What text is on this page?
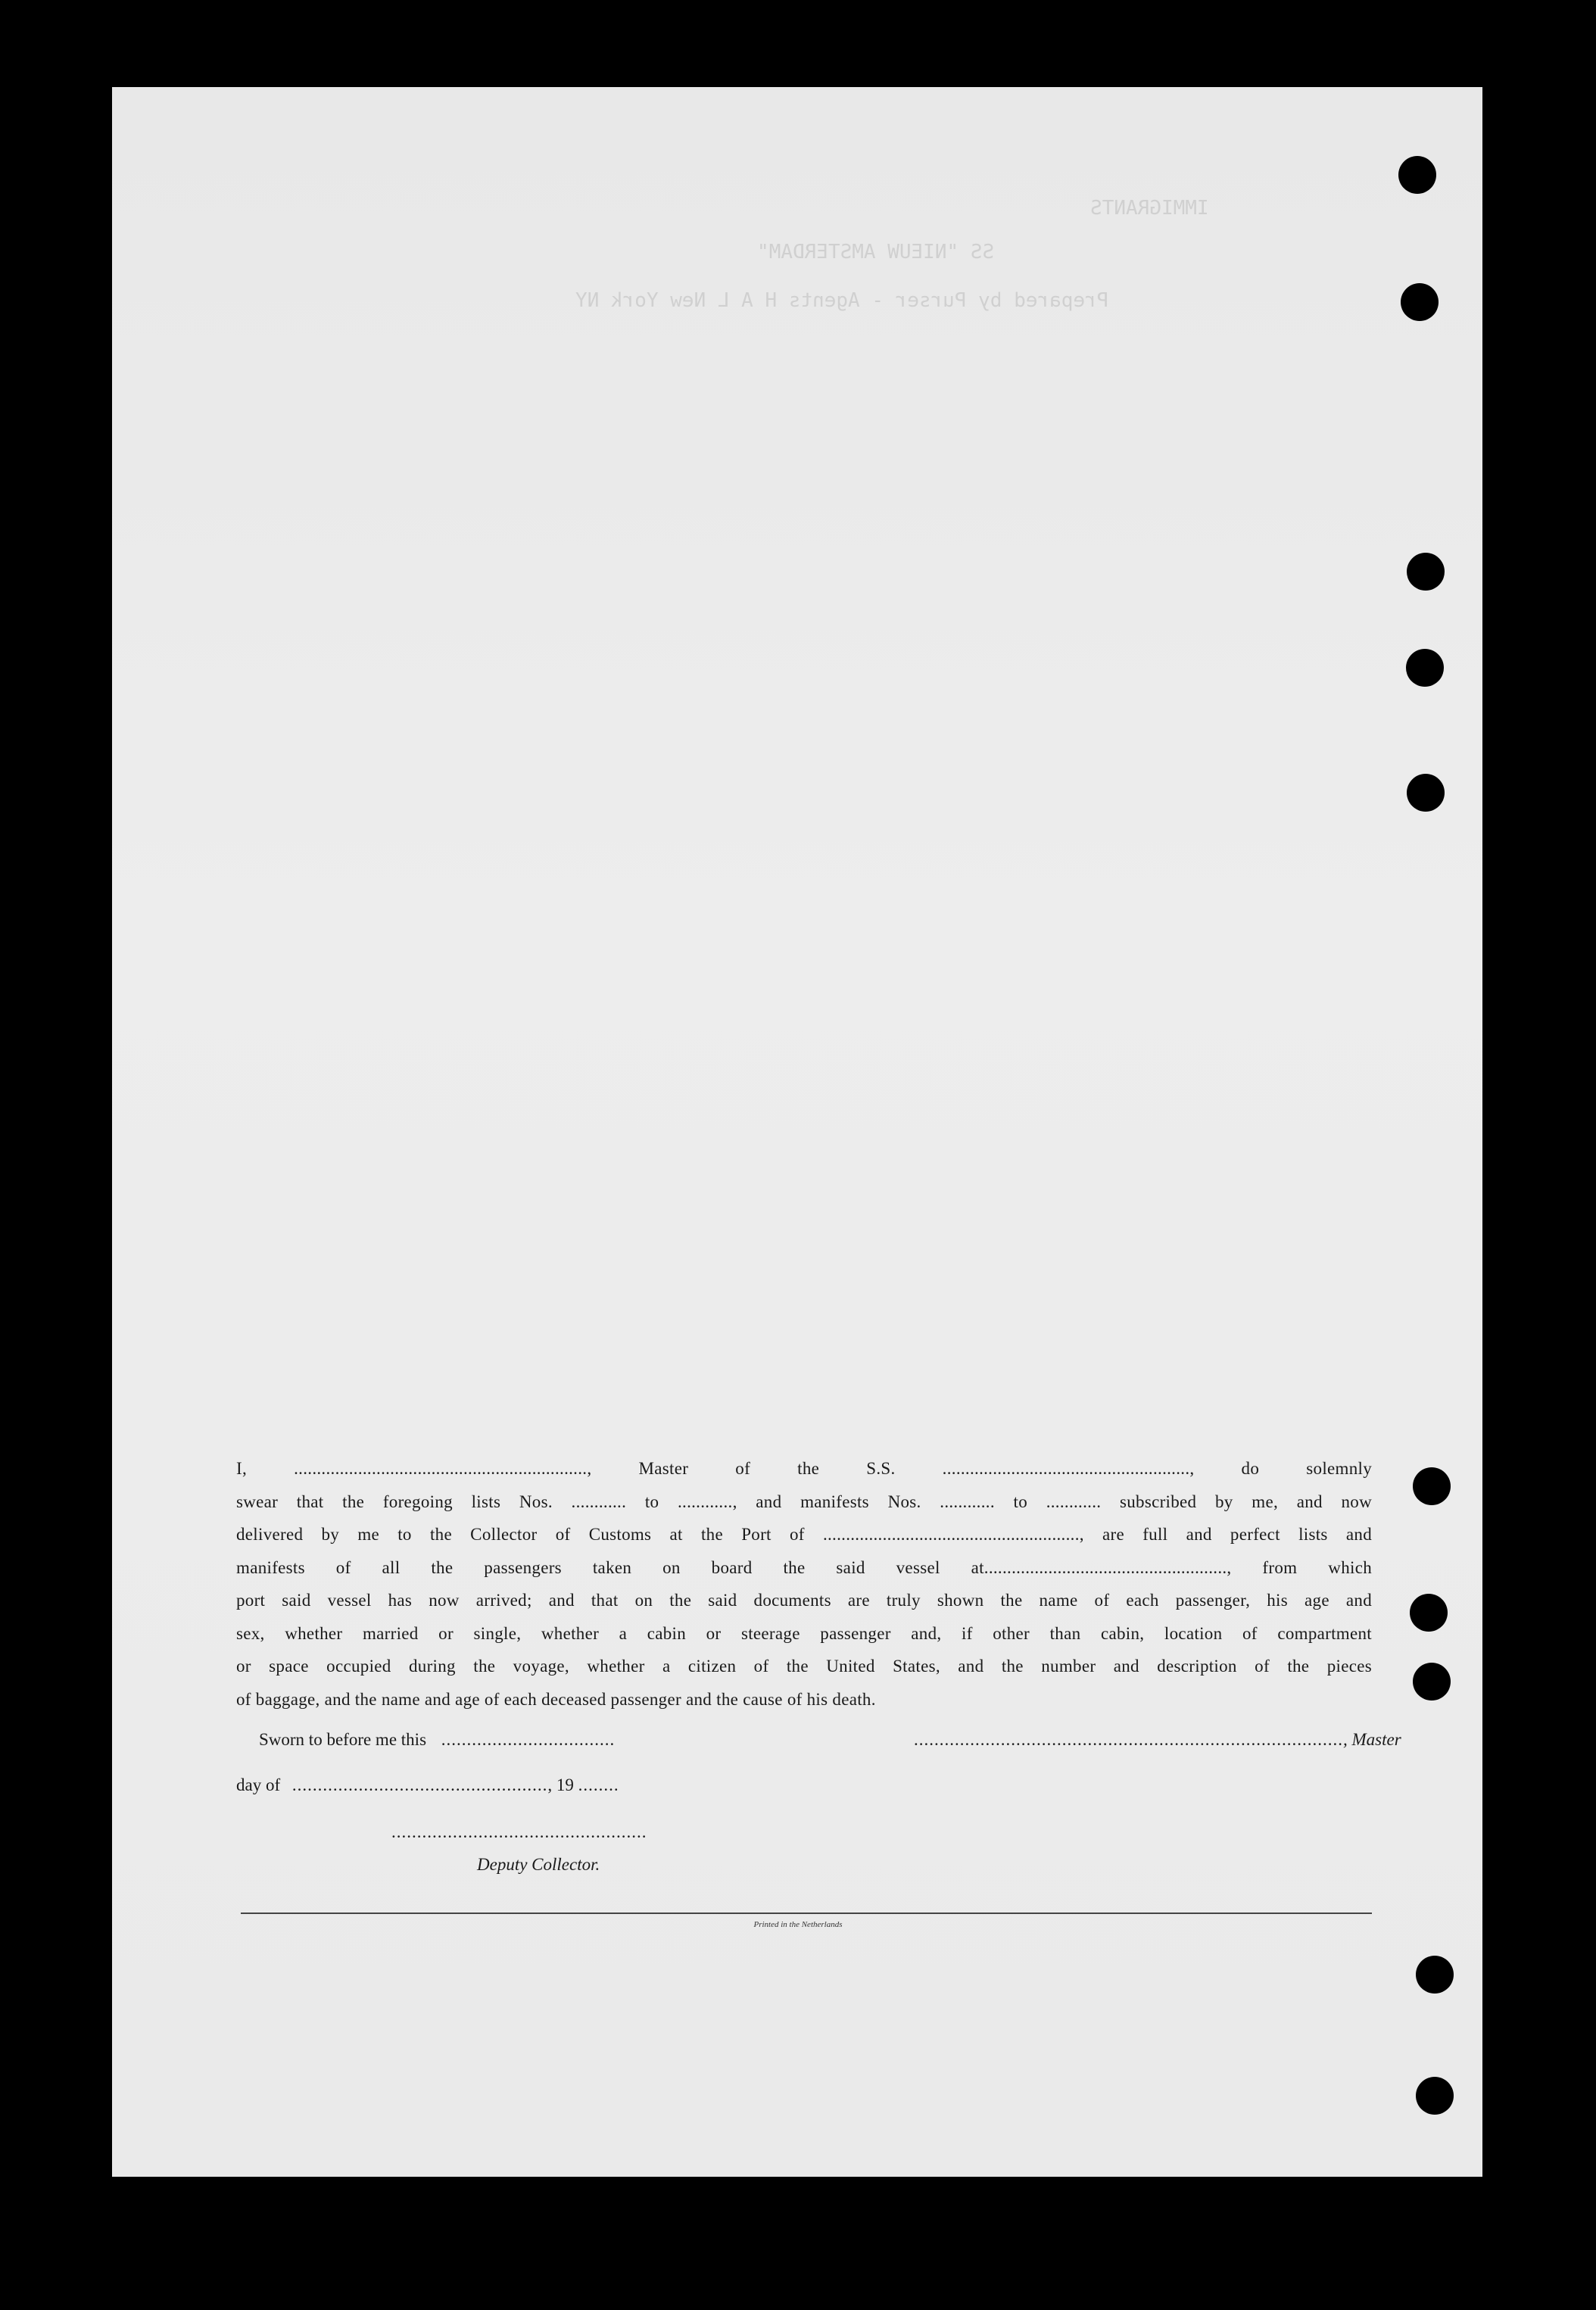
IMMIGRANTS
SS "NIEUW AMSTERDAM"
Prepared by Purser - Agents H A L New York NY
I, ................................................................, Master of the S.S. ......................................................, do solemnly
swear that the foregoing lists Nos. ............ to ............, and manifests Nos. ............ to ............ subscribed by me, and now
delivered by me to the Collector of Customs at the Port of ........................................................, are full and perfect lists and
manifests of all the passengers taken on board the said vessel at....................................................., from which
port said vessel has now arrived; and that on the said documents are truly shown the name of each passenger, his age and
sex, whether married or single, whether a cabin or steerage passenger and, if other than cabin, location of compartment
or space occupied during the voyage, whether a citizen of the United States, and the number and description of the pieces
of baggage, and the name and age of each deceased passenger and the cause of his death.
Sworn to before me this ..................................	...................................................................................., Master
day of .................................................., 19 ........
..................................................
Deputy Collector.
Printed in the Netherlands
